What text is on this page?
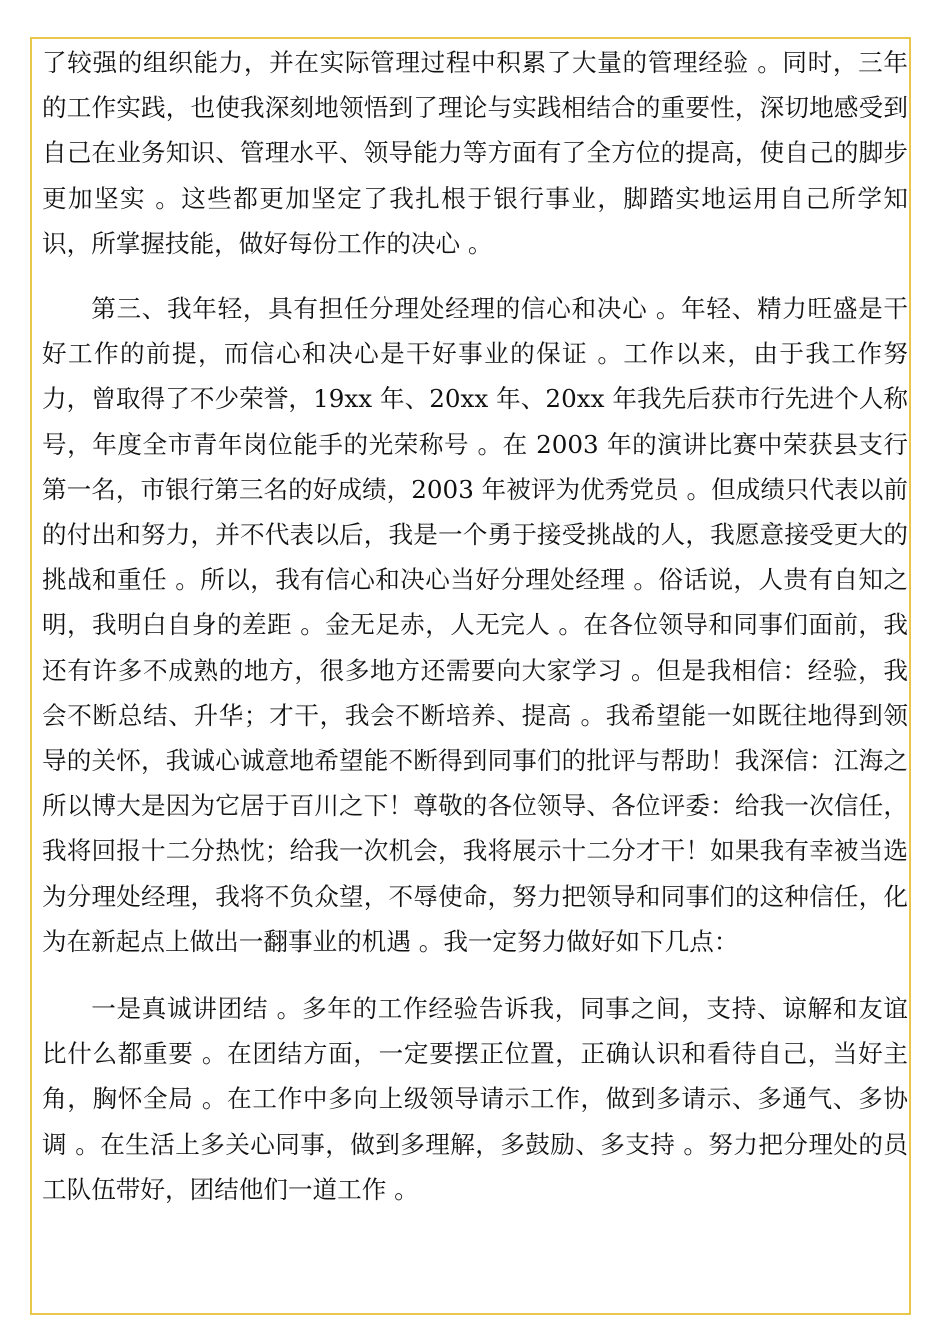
了较强的组织能力，并在实际管理过程中积累了大量的管理经验 。同时，三年的工作实践，也使我深刻地领悟到了理论与实践相结合的重要性，深切地感受到自己在业务知识、管理水平、领导能力等方面有了全方位的提高，使自己的脚步更加坚实 。这些都更加坚定了我扎根于银行事业，脚踏实地运用自己所学知识，所掌握技能，做好每份工作的决心 。

第三、我年轻，具有担任分理处经理的信心和决心 。年轻、精力旺盛是干好工作的前提，而信心和决心是干好事业的保证 。工作以来，由于我工作努力，曾取得了不少荣誉，19xx 年、20xx 年、20xx 年我先后获市行先进个人称号，年度全市青年岗位能手的光荣称号 。在 2003 年的演讲比赛中荣获县支行第一名，市银行第三名的好成绩，2003 年被评为优秀党员 。但成绩只代表以前的付出和努力，并不代表以后，我是一个勇于接受挑战的人，我愿意接受更大的挑战和重任 。所以，我有信心和决心当好分理处经理 。俗话说，人贵有自知之明，我明白自身的差距 。金无足赤，人无完人 。在各位领导和同事们面前，我还有许多不成熟的地方，很多地方还需要向大家学习 。但是我相信：经验，我会不断总结、升华；才干，我会不断培养、提高 。我希望能一如既往地得到领导的关怀，我诚心诚意地希望能不断得到同事们的批评与帮助！我深信：江海之所以博大是因为它居于百川之下！尊敬的各位领导、各位评委：给我一次信任，我将回报十二分热忱；给我一次机会，我将展示十二分才干！如果我有幸被当选为分理处经理，我将不负众望，不辱使命，努力把领导和同事们的这种信任，化为在新起点上做出一翻事业的机遇 。我一定努力做好如下几点：

一是真诚讲团结 。多年的工作经验告诉我，同事之间，支持、谅解和友谊比什么都重要 。在团结方面，一定要摆正位置，正确认识和看待自己，当好主角，胸怀全局 。在工作中多向上级领导请示工作，做到多请示、多通气、多协调 。在生活上多关心同事，做到多理解，多鼓励、多支持 。努力把分理处的员工队伍带好，团结他们一道工作 。
